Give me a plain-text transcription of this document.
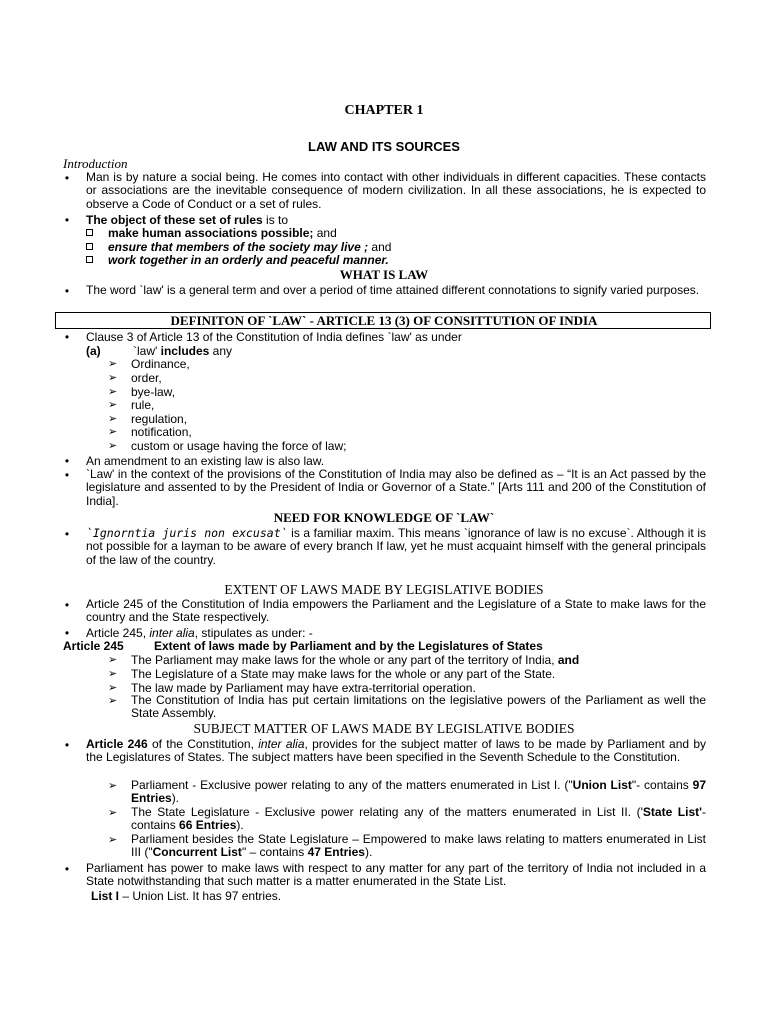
CHAPTER 1
LAW AND ITS SOURCES
Introduction
• Man is by nature a social being. He comes into contact with other individuals in different capacities. These contacts or associations are the inevitable consequence of modern civilization. In all these associations, he is expected to observe a Code of Conduct or a set of rules.
• The object of these set of rules is to
make human associations possible; and
ensure that members of the society may live ; and
work together in an orderly and peaceful manner.
WHAT IS LAW
• The word `law' is a general term and over a period of time attained different connotations to signify varied purposes.
DEFINITON OF `LAW` - ARTICLE 13 (3) OF CONSITTUTION OF INDIA
• Clause 3 of Article 13 of the Constitution of India defines `law' as under
(a)	`law' includes any
➢ Ordinance,
➢ order,
➢ bye-law,
➢ rule,
➢ regulation,
➢ notification,
➢ custom or usage having the force of law;
• An amendment to an existing law is also law.
• `Law' in the context of the provisions of the Constitution of India may also be defined as – “It is an Act passed by the legislature and assented to by the President of India or Governor of a State.” [Arts 111 and 200 of the Constitution of India].
NEED FOR KNOWLEDGE OF `LAW`
• `Ignorntia juris non excusat` is a familiar maxim. This means `ignorance of law is no excuse`. Although it is not possible for a layman to be aware of every branch If law, yet he must acquaint himself with the general principals of the law of the country.
EXTENT OF LAWS MADE BY LEGISLATIVE BODIES
• Article 245 of the Constitution of India empowers the Parliament and the Legislature of a State to make laws for the country and the State respectively.
• Article 245, inter alia, stipulates as under: -
Article 245	Extent of laws made by Parliament and by the Legislatures of States
➢ The Parliament may make laws for the whole or any part of the territory of India, and
➢ The Legislature of a State may make laws for the whole or any part of the State.
➢ The law made by Parliament may have extra-territorial operation.
➢ The Constitution of India has put certain limitations on the legislative powers of the Parliament as well the State Assembly.
SUBJECT MATTER OF LAWS MADE BY LEGISLATIVE BODIES
• Article 246 of the Constitution, inter alia, provides for the subject matter of laws to be made by Parliament and by the Legislatures of States. The subject matters have been specified in the Seventh Schedule to the Constitution.
➢ Parliament - Exclusive power relating to any of the matters enumerated in List I. ("Union List"- contains 97 Entries).
➢ The State Legislature - Exclusive power relating any of the matters enumerated in List II. ('State List'- contains 66 Entries).
➢ Parliament besides the State Legislature – Empowered to make laws relating to matters enumerated in List III ("Concurrent List" – contains 47 Entries).
• Parliament has power to make laws with respect to any matter for any part of the territory of India not included in a State notwithstanding that such matter is a matter enumerated in the State List.
List I – Union List. It has 97 entries.
